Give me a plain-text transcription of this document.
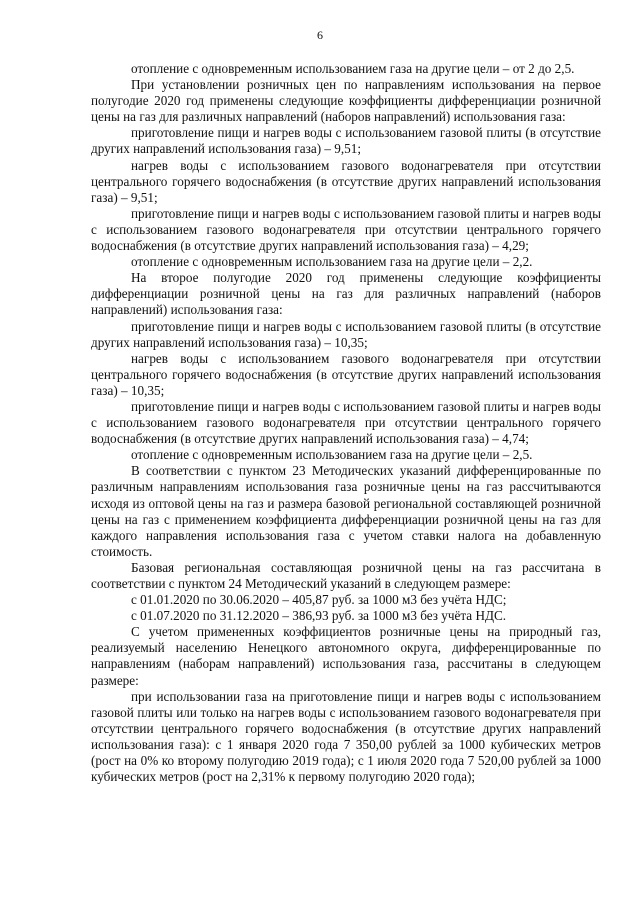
6

отопление с одновременным использованием газа на другие цели – от 2 до 2,5.

При установлении розничных цен по направлениям использования на первое полугодие 2020 год применены следующие коэффициенты дифференциации розничной цены на газ для различных направлений (наборов направлений) использования газа:

приготовление пищи и нагрев воды с использованием газовой плиты (в отсутствие других направлений использования газа) – 9,51;

нагрев воды с использованием газового водонагревателя при отсутствии центрального горячего водоснабжения (в отсутствие других направлений использования газа) – 9,51;

приготовление пищи и нагрев воды с использованием газовой плиты и нагрев воды с использованием газового водонагревателя при отсутствии центрального горячего водоснабжения (в отсутствие других направлений использования газа) – 4,29;

отопление с одновременным использованием газа на другие цели – 2,2.

На второе полугодие 2020 год применены следующие коэффициенты дифференциации розничной цены на газ для различных направлений (наборов направлений) использования газа:

приготовление пищи и нагрев воды с использованием газовой плиты (в отсутствие других направлений использования газа) – 10,35;

нагрев воды с использованием газового водонагревателя при отсутствии центрального горячего водоснабжения (в отсутствие других направлений использования газа) – 10,35;

приготовление пищи и нагрев воды с использованием газовой плиты и нагрев воды с использованием газового водонагревателя при отсутствии центрального горячего водоснабжения (в отсутствие других направлений использования газа) – 4,74;

отопление с одновременным использованием газа на другие цели – 2,5.

В соответствии с пунктом 23 Методических указаний дифференцированные по различным направлениям использования газа розничные цены на газ рассчитываются исходя из оптовой цены на газ и размера базовой региональной составляющей розничной цены на газ с применением коэффициента дифференциации розничной цены на газ для каждого направления использования газа с учетом ставки налога на добавленную стоимость.

Базовая региональная составляющая розничной цены на газ рассчитана в соответствии с пунктом 24 Методический указаний в следующем размере:

с 01.01.2020 по 30.06.2020 – 405,87 руб. за 1000 м3 без учёта НДС;

с 01.07.2020 по 31.12.2020 – 386,93 руб. за 1000 м3 без учёта НДС.

С учетом примененных коэффициентов розничные цены на природный газ, реализуемый населению Ненецкого автономного округа, дифференцированные по направлениям (наборам направлений) использования газа, рассчитаны в следующем размере:

при использовании газа на приготовление пищи и нагрев воды с использованием газовой плиты или только на нагрев воды с использованием газового водонагревателя при отсутствии центрального горячего водоснабжения (в отсутствие других направлений использования газа): с 1 января 2020 года 7 350,00 рублей за 1000 кубических метров (рост на 0% ко второму полугодию 2019 года); с 1 июля 2020 года 7 520,00 рублей за 1000 кубических метров (рост на 2,31% к первому полугодию 2020 года);
